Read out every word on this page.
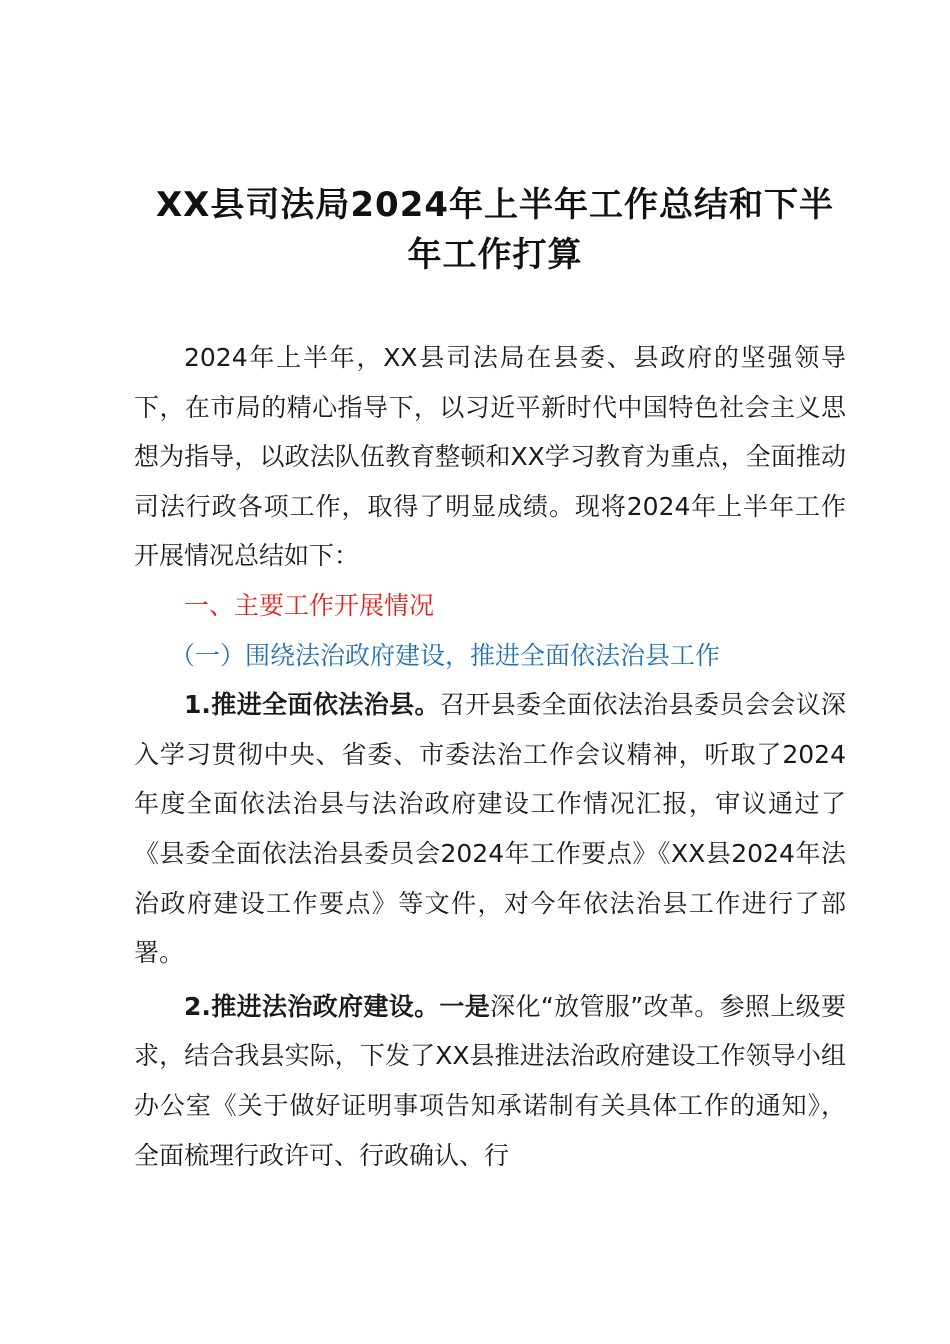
XX县司法局2024年上半年工作总结和下半
年工作打算

2024年上半年，XX县司法局在县委、县政府的坚强领导下，在市局的精心指导下，以习近平新时代中国特色社会主义思想为指导，以政法队伍教育整顿和XX学习教育为重点，全面推动司法行政各项工作，取得了明显成绩。现将2024年上半年工作开展情况总结如下：

一、主要工作开展情况

（一）围绕法治政府建设，推进全面依法治县工作

1.推进全面依法治县。召开县委全面依法治县委员会会议深入学习贯彻中央、省委、市委法治工作会议精神，听取了2024年度全面依法治县与法治政府建设工作情况汇报，审议通过了《县委全面依法治县委员会2024年工作要点》《XX县2024年法治政府建设工作要点》等文件，对今年依法治县工作进行了部署。

2.推进法治政府建设。一是深化“放管服”改革。参照上级要求，结合我县实际，下发了XX县推进法治政府建设工作领导小组办公室《关于做好证明事项告知承诺制有关具体工作的通知》，全面梳理行政许可、行政确认、行
